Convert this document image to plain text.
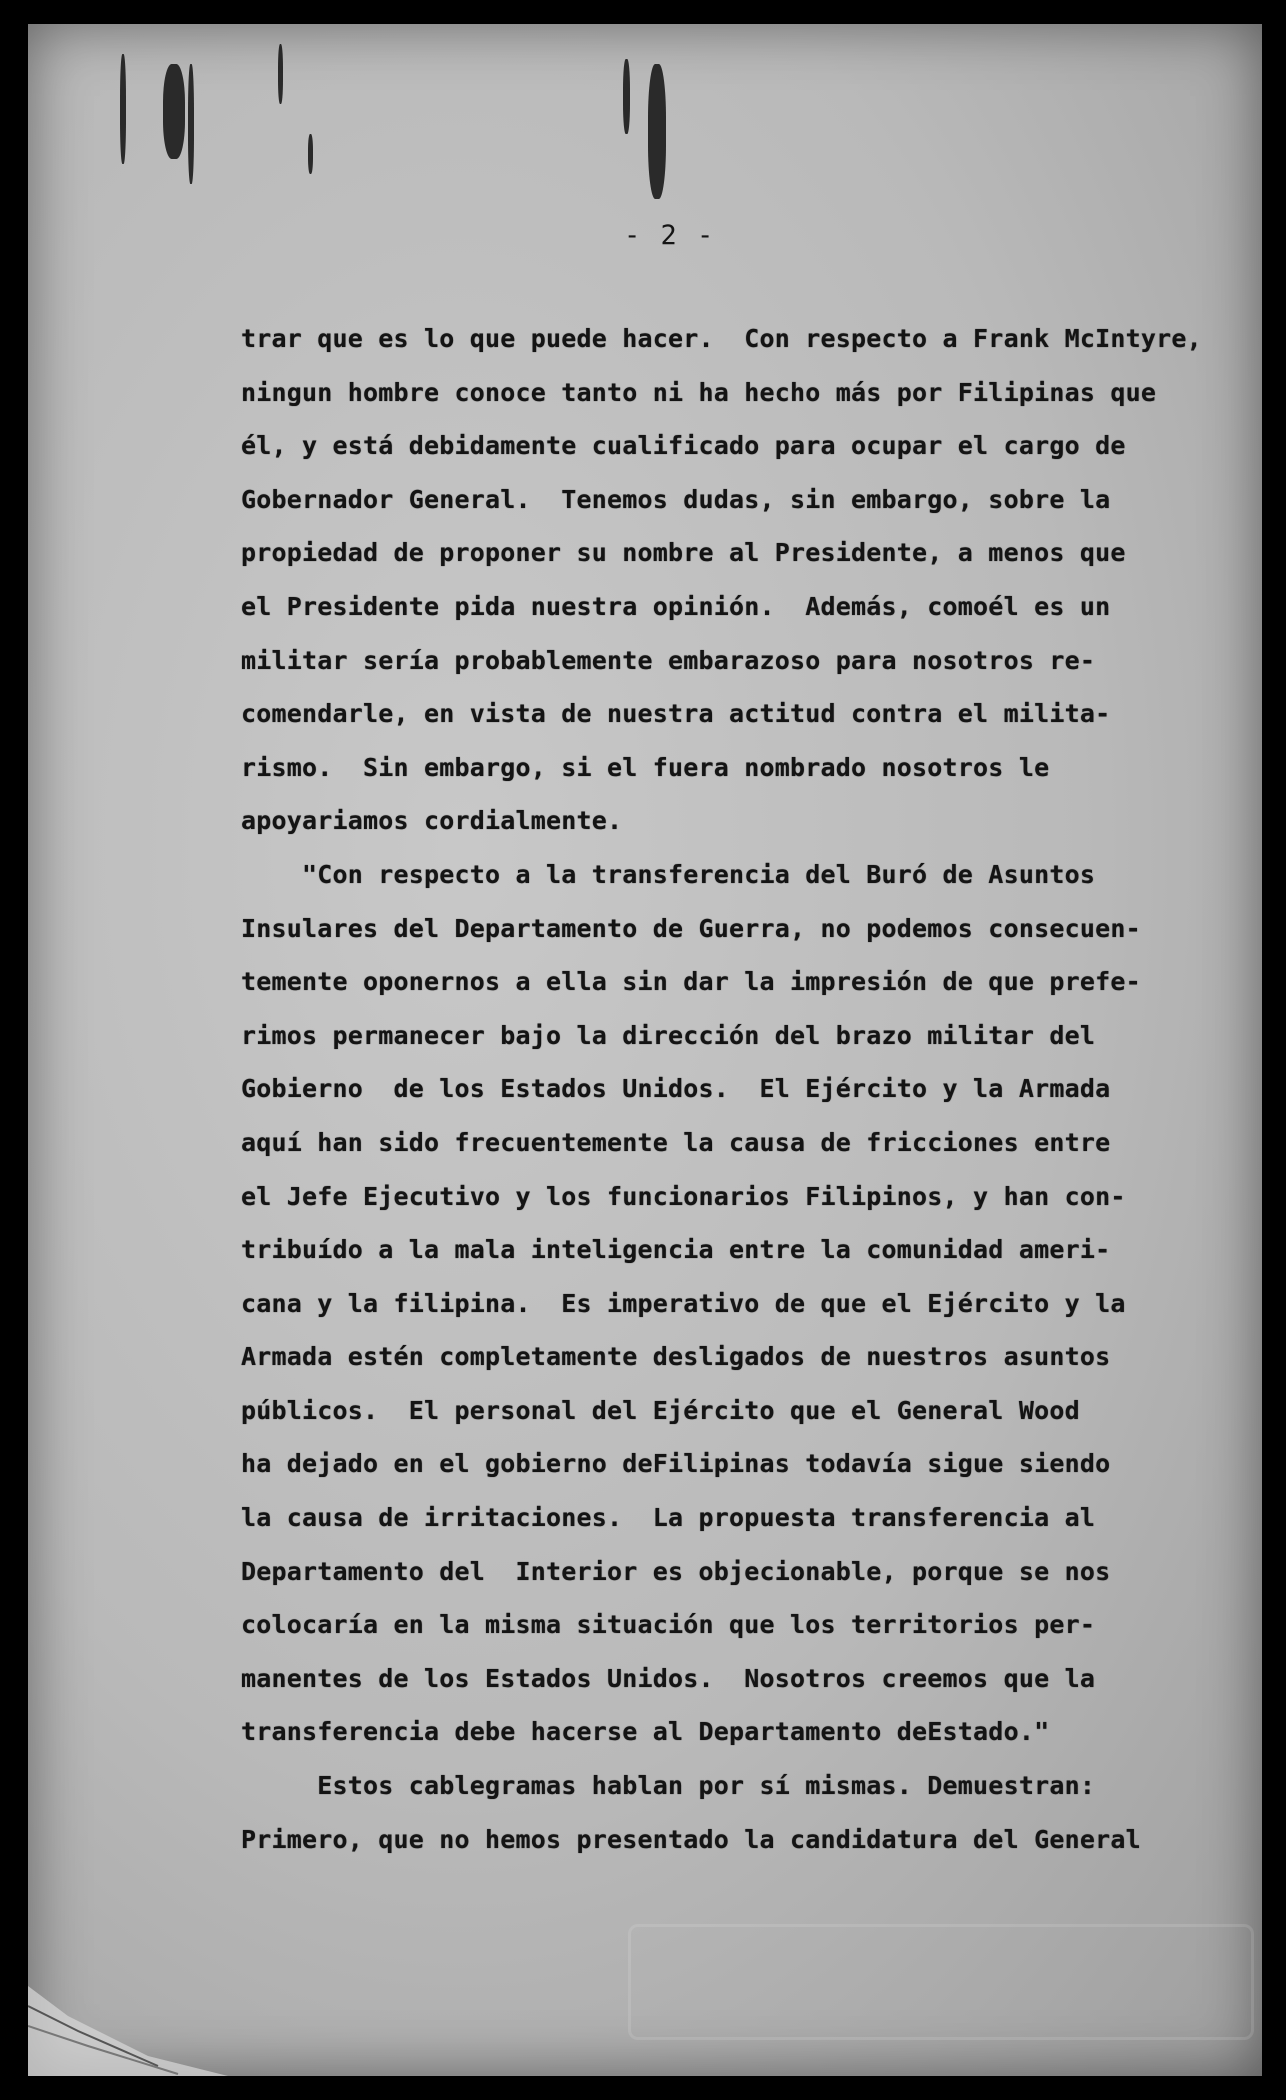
- 2 -

trar que es lo que puede hacer.  Con respecto a Frank McIntyre,
ningun hombre conoce tanto ni ha hecho más por Filipinas que
él, y está debidamente cualificado para ocupar el cargo de
Gobernador General.  Tenemos dudas, sin embargo, sobre la
propiedad de proponer su nombre al Presidente, a menos que
el Presidente pida nuestra opinión.  Además, comoél es un
militar sería probablemente embarazoso para nosotros re-
comendarle, en vista de nuestra actitud contra el milita-
rismo.  Sin embargo, si el fuera nombrado nosotros le
apoyariamos cordialmente.
"Con respecto a la transferencia del Buró de Asuntos
Insulares del Departamento de Guerra, no podemos consecuen-
temente oponernos a ella sin dar la impresión de que prefe-
rimos permanecer bajo la dirección del brazo militar del
Gobierno  de los Estados Unidos.  El Ejército y la Armada
aquí han sido frecuentemente la causa de fricciones entre
el Jefe Ejecutivo y los funcionarios Filipinos, y han con-
tribuído a la mala inteligencia entre la comunidad ameri-
cana y la filipina.  Es imperativo de que el Ejército y la
Armada estén completamente desligados de nuestros asuntos
públicos.  El personal del Ejército que el General Wood
ha dejado en el gobierno deFilipinas todavía sigue siendo
la causa de irritaciones.  La propuesta transferencia al
Departamento del  Interior es objecionable, porque se nos
colocaría en la misma situación que los territorios per-
manentes de los Estados Unidos.  Nosotros creemos que la
transferencia debe hacerse al Departamento deEstado."
Estos cablegramas hablan por sí mismas. Demuestran:
Primero, que no hemos presentado la candidatura del General
